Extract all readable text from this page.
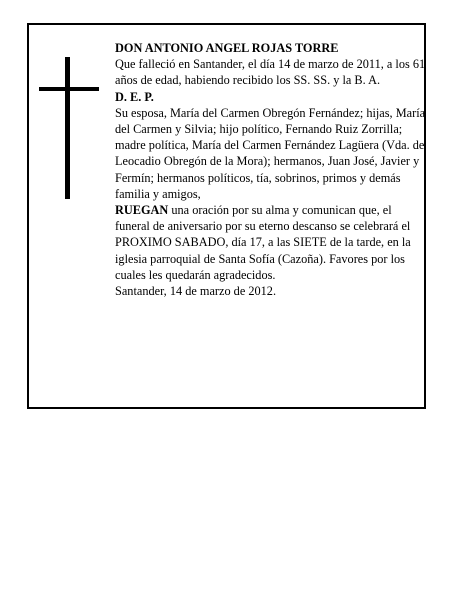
DON ANTONIO ANGEL ROJAS TORRE

Que falleció en Santander, el día 14 de marzo de 2011, a los 61 años de edad, habiendo recibido los SS. SS. y la B. A.

D. E. P.

Su esposa, María del Carmen Obregón Fernández; hijas, María del Carmen y Silvia; hijo político, Fernando Ruiz Zorrilla; madre política, María del Carmen Fernández Lagüera (Vda. de Leocadio Obregón de la Mora); hermanos, Juan José, Javier y Fermín; hermanos políticos, tía, sobrinos, primos y demás familia y amigos,

RUEGAN una oración por su alma y comunican que, el funeral de aniversario por su eterno descanso se celebrará el PROXIMO SABADO, día 17, a las SIETE de la tarde, en la iglesia parroquial de Santa Sofía (Cazoña). Favores por los cuales les quedarán agradecidos.

Santander, 14 de marzo de 2012.
